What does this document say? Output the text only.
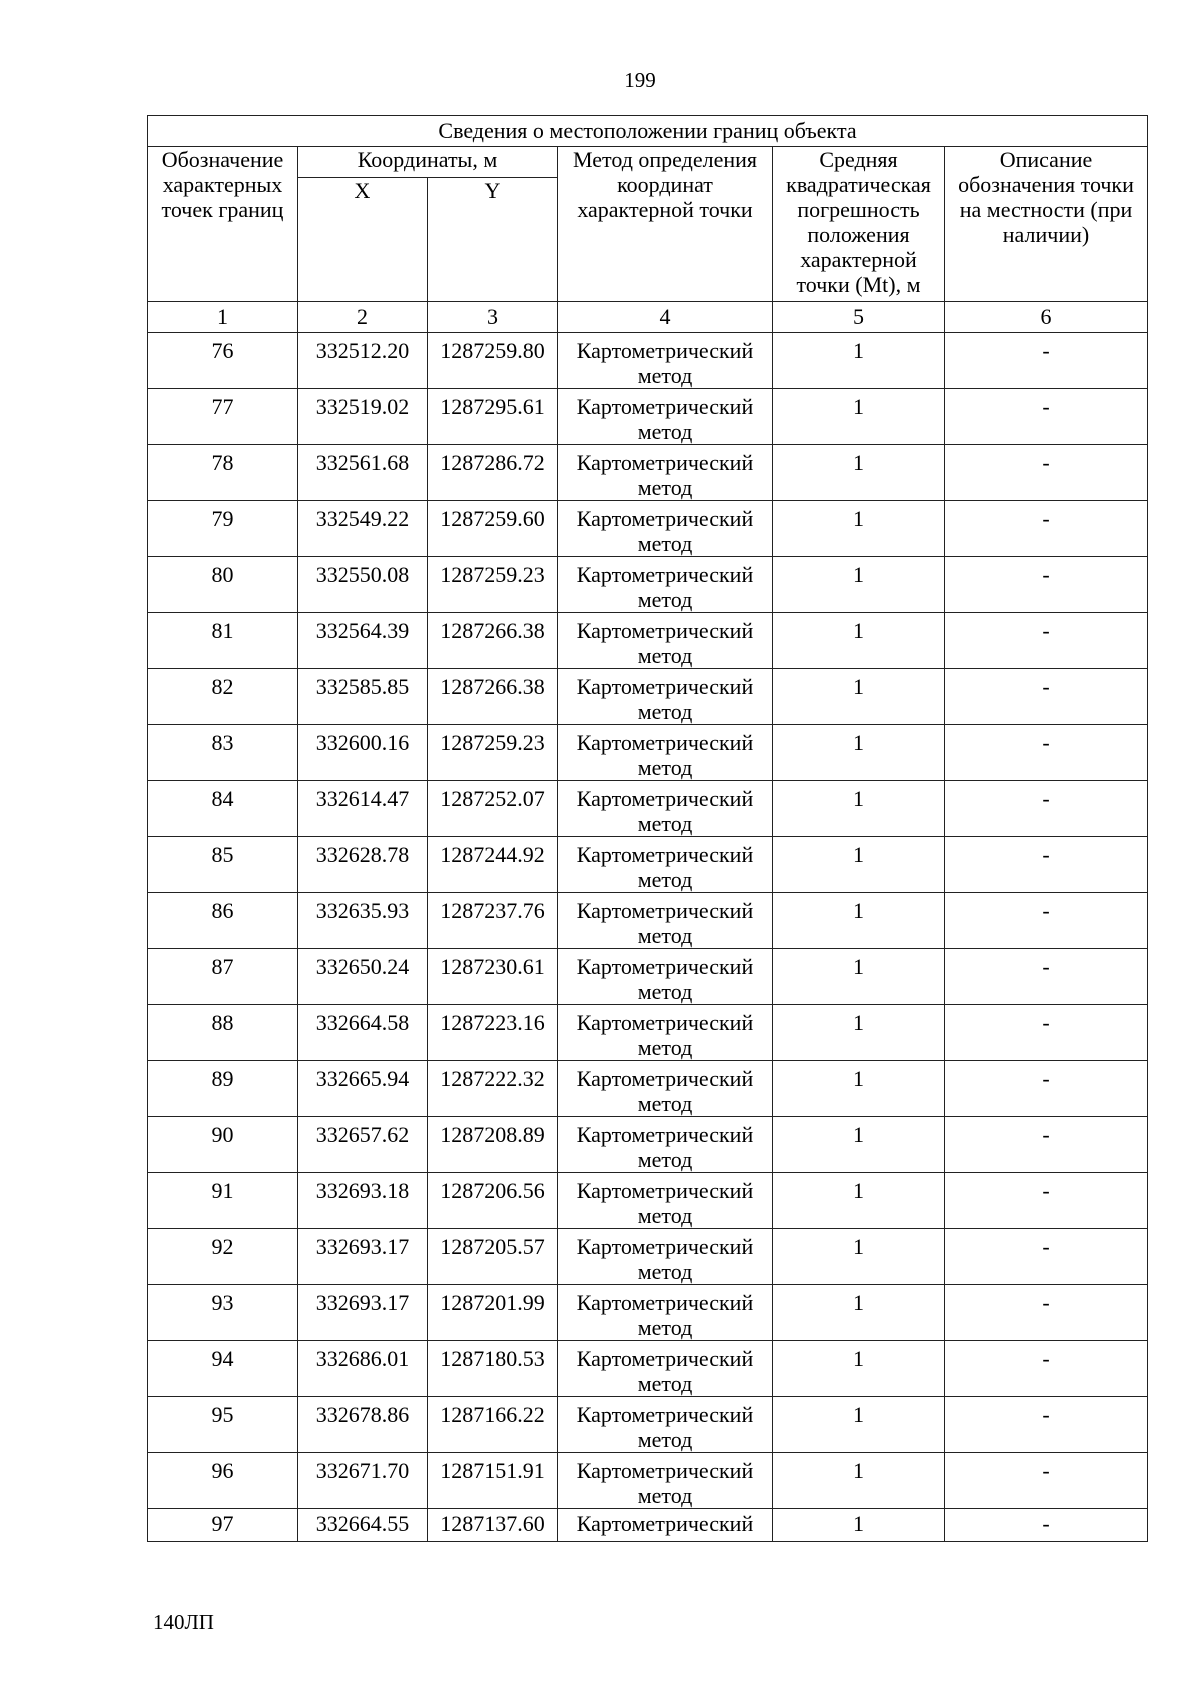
199
Сведения о местоположении границ объекта					
Обозначение характерных точек границ	Координаты, м		Метод определения координат характерной точки	Средняя квадратическая погрешность положения характерной точки (Mt), м	Описание обозначения точки на местности (при наличии)
	X	Y			
1	2	3	4	5	6
76	332512.20	1287259.80	Картометрический метод	1	-
77	332519.02	1287295.61	Картометрический метод	1	-
78	332561.68	1287286.72	Картометрический метод	1	-
79	332549.22	1287259.60	Картометрический метод	1	-
80	332550.08	1287259.23	Картометрический метод	1	-
81	332564.39	1287266.38	Картометрический метод	1	-
82	332585.85	1287266.38	Картометрический метод	1	-
83	332600.16	1287259.23	Картометрический метод	1	-
84	332614.47	1287252.07	Картометрический метод	1	-
85	332628.78	1287244.92	Картометрический метод	1	-
86	332635.93	1287237.76	Картометрический метод	1	-
87	332650.24	1287230.61	Картометрический метод	1	-
88	332664.58	1287223.16	Картометрический метод	1	-
89	332665.94	1287222.32	Картометрический метод	1	-
90	332657.62	1287208.89	Картометрический метод	1	-
91	332693.18	1287206.56	Картометрический метод	1	-
92	332693.17	1287205.57	Картометрический метод	1	-
93	332693.17	1287201.99	Картометрический метод	1	-
94	332686.01	1287180.53	Картометрический метод	1	-
95	332678.86	1287166.22	Картометрический метод	1	-
96	332671.70	1287151.91	Картометрический метод	1	-
97	332664.55	1287137.60	Картометрический	1	-
140ЛП
